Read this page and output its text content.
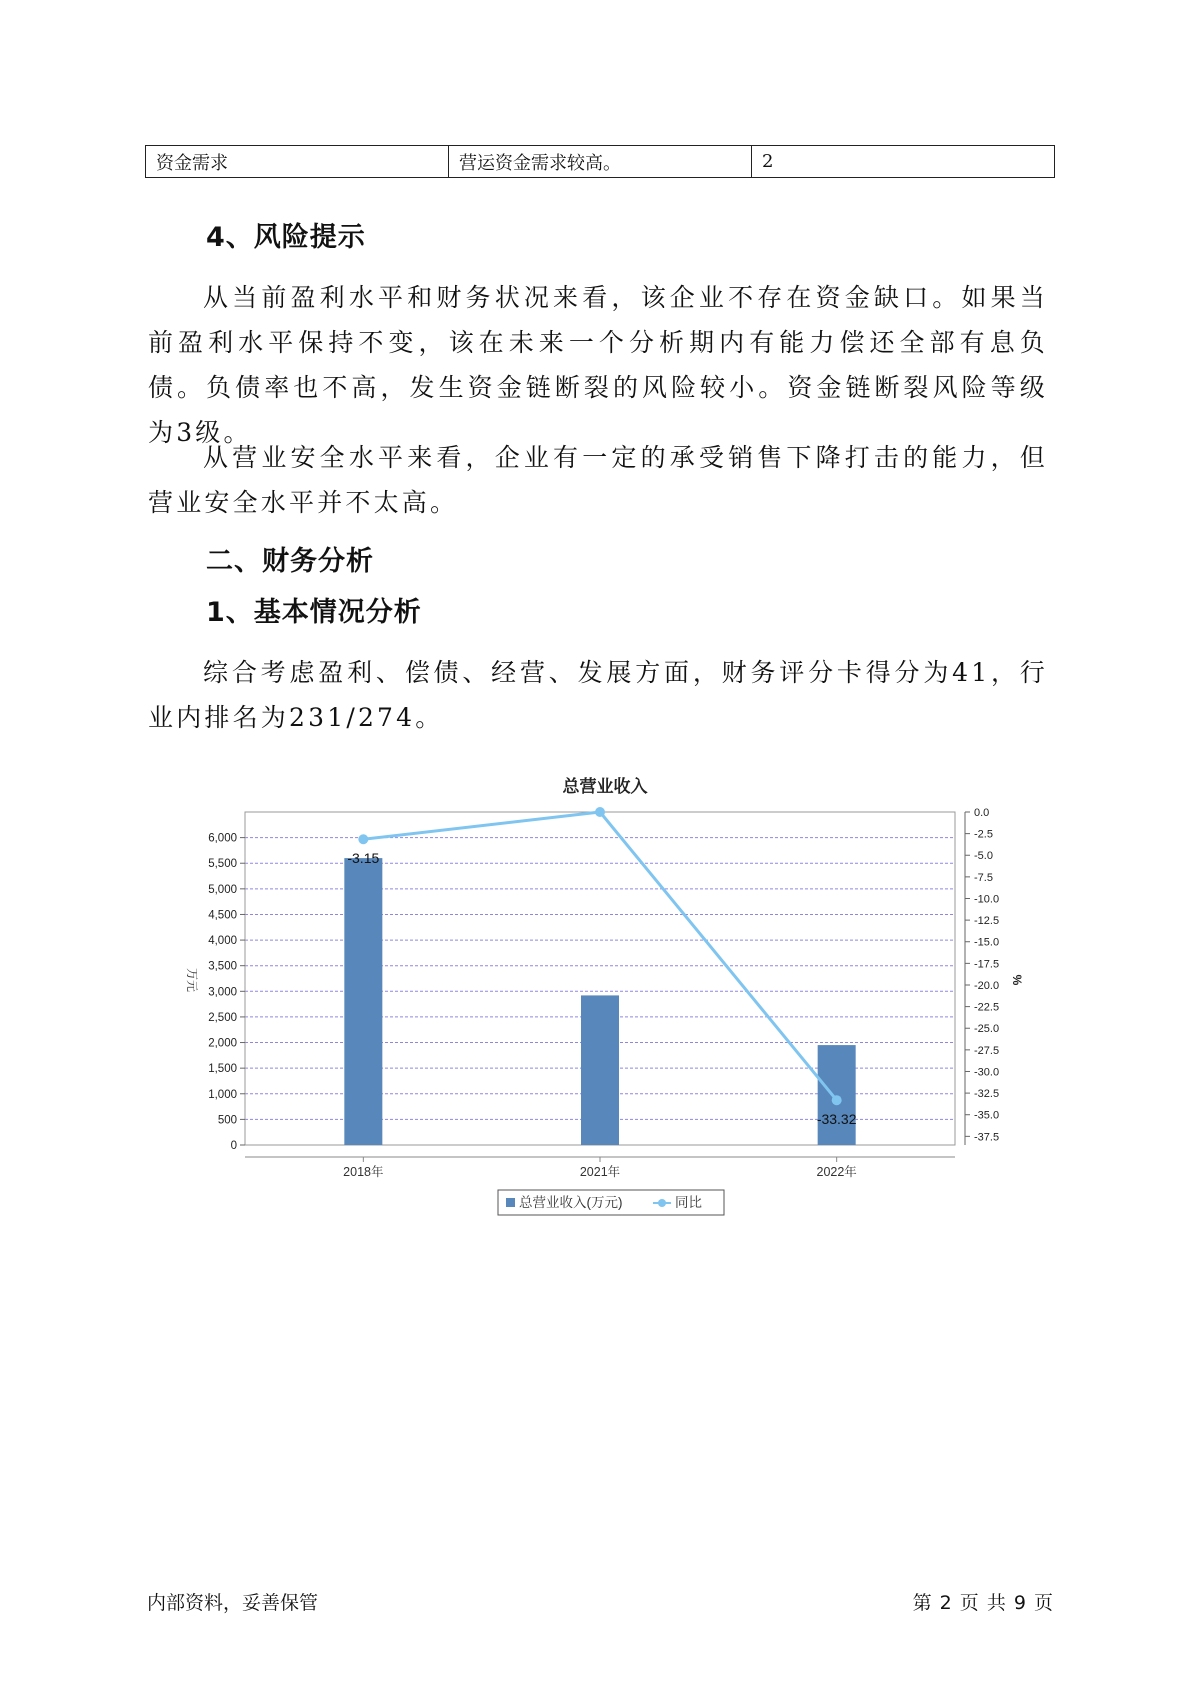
资金需求	营运资金需求较高。	2
4、风险提示

从当前盈利水平和财务状况来看，该企业不存在资金缺口。如果当前盈利水平保持不变，该在未来一个分析期内有能力偿还全部有息负债。负债率也不高，发生资金链断裂的风险较小。资金链断裂风险等级为3级。

从营业安全水平来看，企业有一定的承受销售下降打击的能力，但营业安全水平并不太高。

二、财务分析
1、基本情况分析

综合考虑盈利、偿债、经营、发展方面，财务评分卡得分为41，行业内排名为231/274。

总营业收入
0
500
1,000
1,500
2,000
2,500
3,000
3,500
4,000
4,500
5,000
5,500
6,000
0.0
-2.5
-5.0
-7.5
-10.0
-12.5
-15.0
-17.5
-20.0
-22.5
-25.0
-27.5
-30.0
-32.5
-35.0
-37.5
万元	%
2018年	2021年	2022年
-3.15
-33.32
总营业收入(万元)	同比
内部资料，妥善保管	第 2 页 共 9 页
